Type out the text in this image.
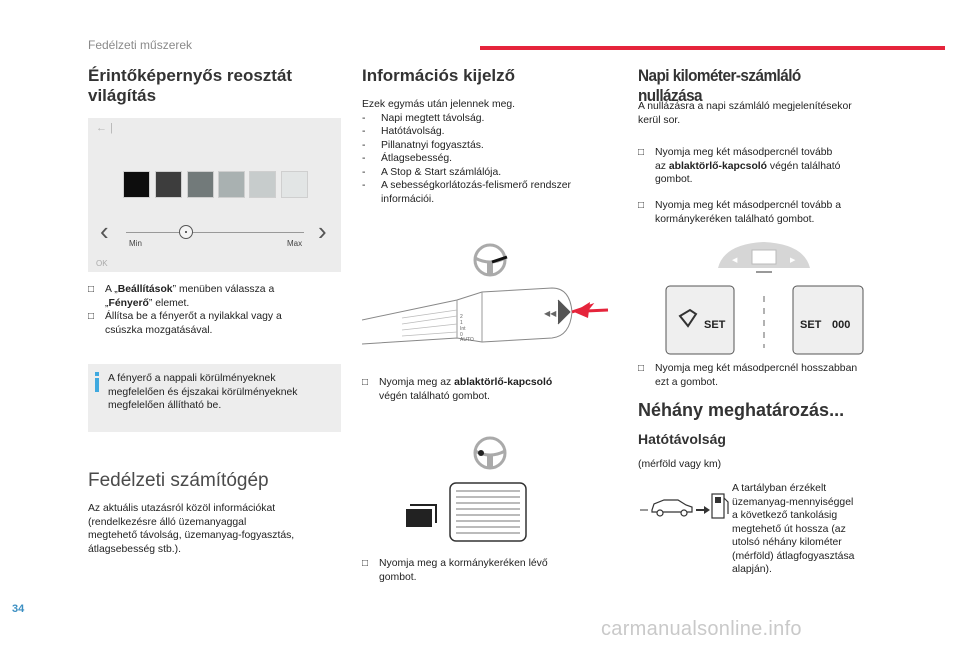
Fedélzeti műszerek
Érintőképernyős reosztát
világítás
← |
‹	›
Min	Max
OK

□ A „Beállítások” menüben válassza a
„Fényerő” elemet.

□ Állítsa be a fényerőt a nyilakkal vagy a
csúszka mozgatásával.

A fényerő a nappali körülményeknek
megfelelően és éjszakai körülményeknek
megfelelően állítható be.

Fedélzeti számítógép

Az aktuális utazásról közöl információkat
(rendelkezésre álló üzemanyaggal
megtehető távolság, üzemanyag-fogyasztás,
átlagsebesség stb.).

Információs kijelző

Ezek egymás után jelennek meg.

- Napi megtett távolság.

- Hatótávolság.

- Pillanatnyi fogyasztás.

- Átlagsebesség.

- A Stop & Start számlálója.

- A sebességkorlátozás-felismerő rendszer
információi.

2
1
Int
0
AUTO
◀◀

□ Nyomja meg az ablaktörlő-kapcsoló
végén található gombot.

□ Nyomja meg a kormánykeréken lévő
gombot.

Napi kilométer-számláló nullázása

A nullázásra a napi számláló megjelenítésekor
kerül sor.

□ Nyomja meg két másodpercnél tovább
az ablaktörlő-kapcsoló végén található
gombot.

□ Nyomja meg két másodpercnél tovább a
kormánykeréken található gombot.

◀	▶
SET	SET 000

□ Nyomja meg két másodpercnél hosszabban
ezt a gombot.

Néhány meghatározás...
Hatótávolság

(mérföld vagy km)

A tartályban érzékelt
üzemanyag-mennyiséggel
a következő tankolásig
megtehető út hossza (az
utolsó néhány kilométer
(mérföld) átlagfogyasztása
alapján).

34
carmanualsonline.info
